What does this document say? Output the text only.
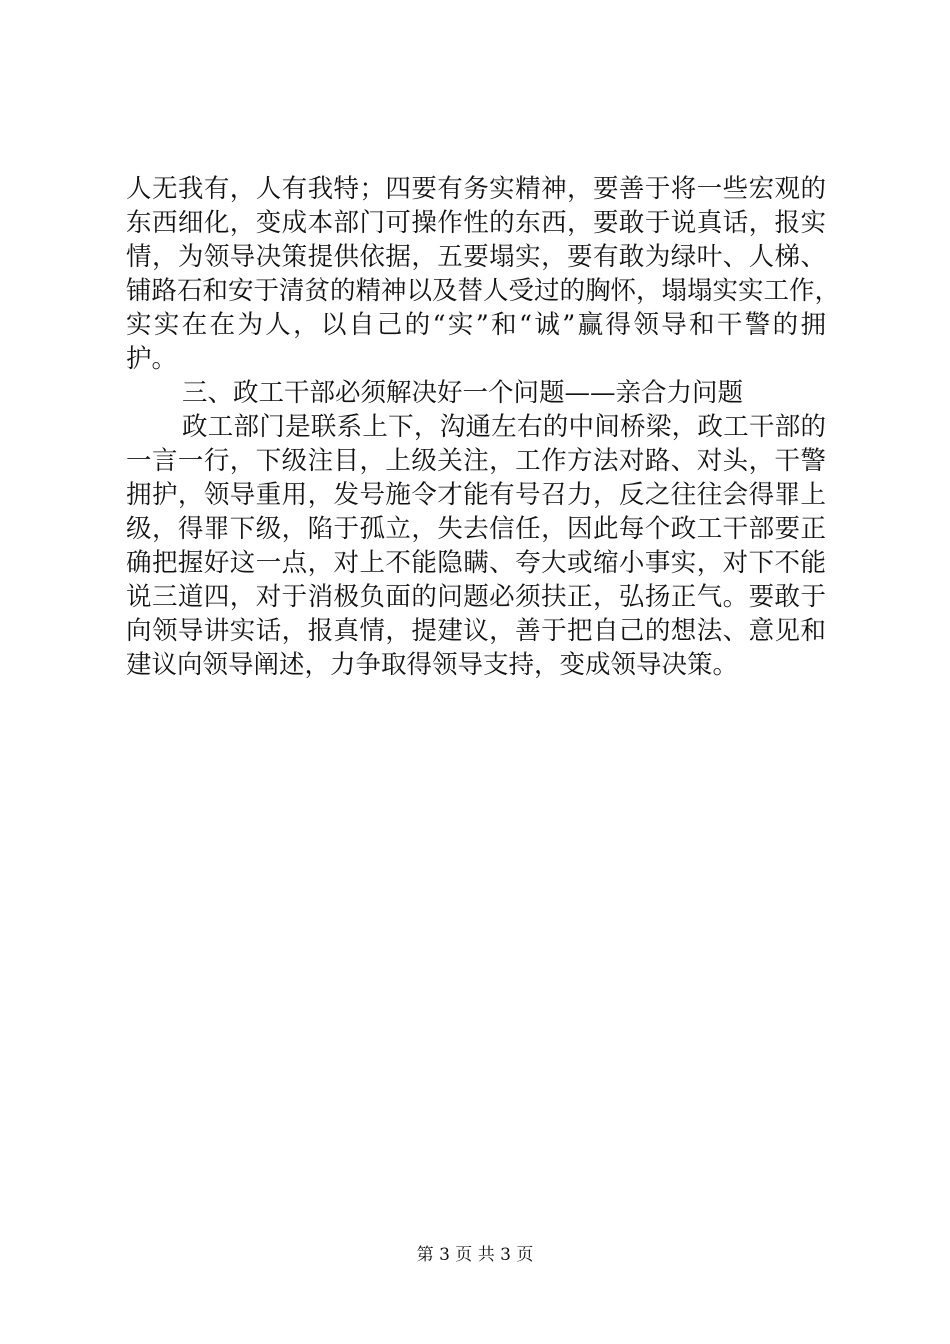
人无我有，人有我特；四要有务实精神，要善于将一些宏观的
东西细化，变成本部门可操作性的东西，要敢于说真话，报实
情，为领导决策提供依据，五要塌实，要有敢为绿叶、人梯、
铺路石和安于清贫的精神以及替人受过的胸怀，塌塌实实工作，
实实在在为人，以自己的“实”和“诚”赢得领导和干警的拥
护。
三、政工干部必须解决好一个问题——亲合力问题
政工部门是联系上下，沟通左右的中间桥梁，政工干部的
一言一行，下级注目，上级关注，工作方法对路、对头，干警
拥护，领导重用，发号施令才能有号召力，反之往往会得罪上
级，得罪下级，陷于孤立，失去信任，因此每个政工干部要正
确把握好这一点，对上不能隐瞒、夸大或缩小事实，对下不能
说三道四，对于消极负面的问题必须扶正，弘扬正气。要敢于
向领导讲实话，报真情，提建议，善于把自己的想法、意见和
建议向领导阐述，力争取得领导支持，变成领导决策。
第 3 页 共 3 页
